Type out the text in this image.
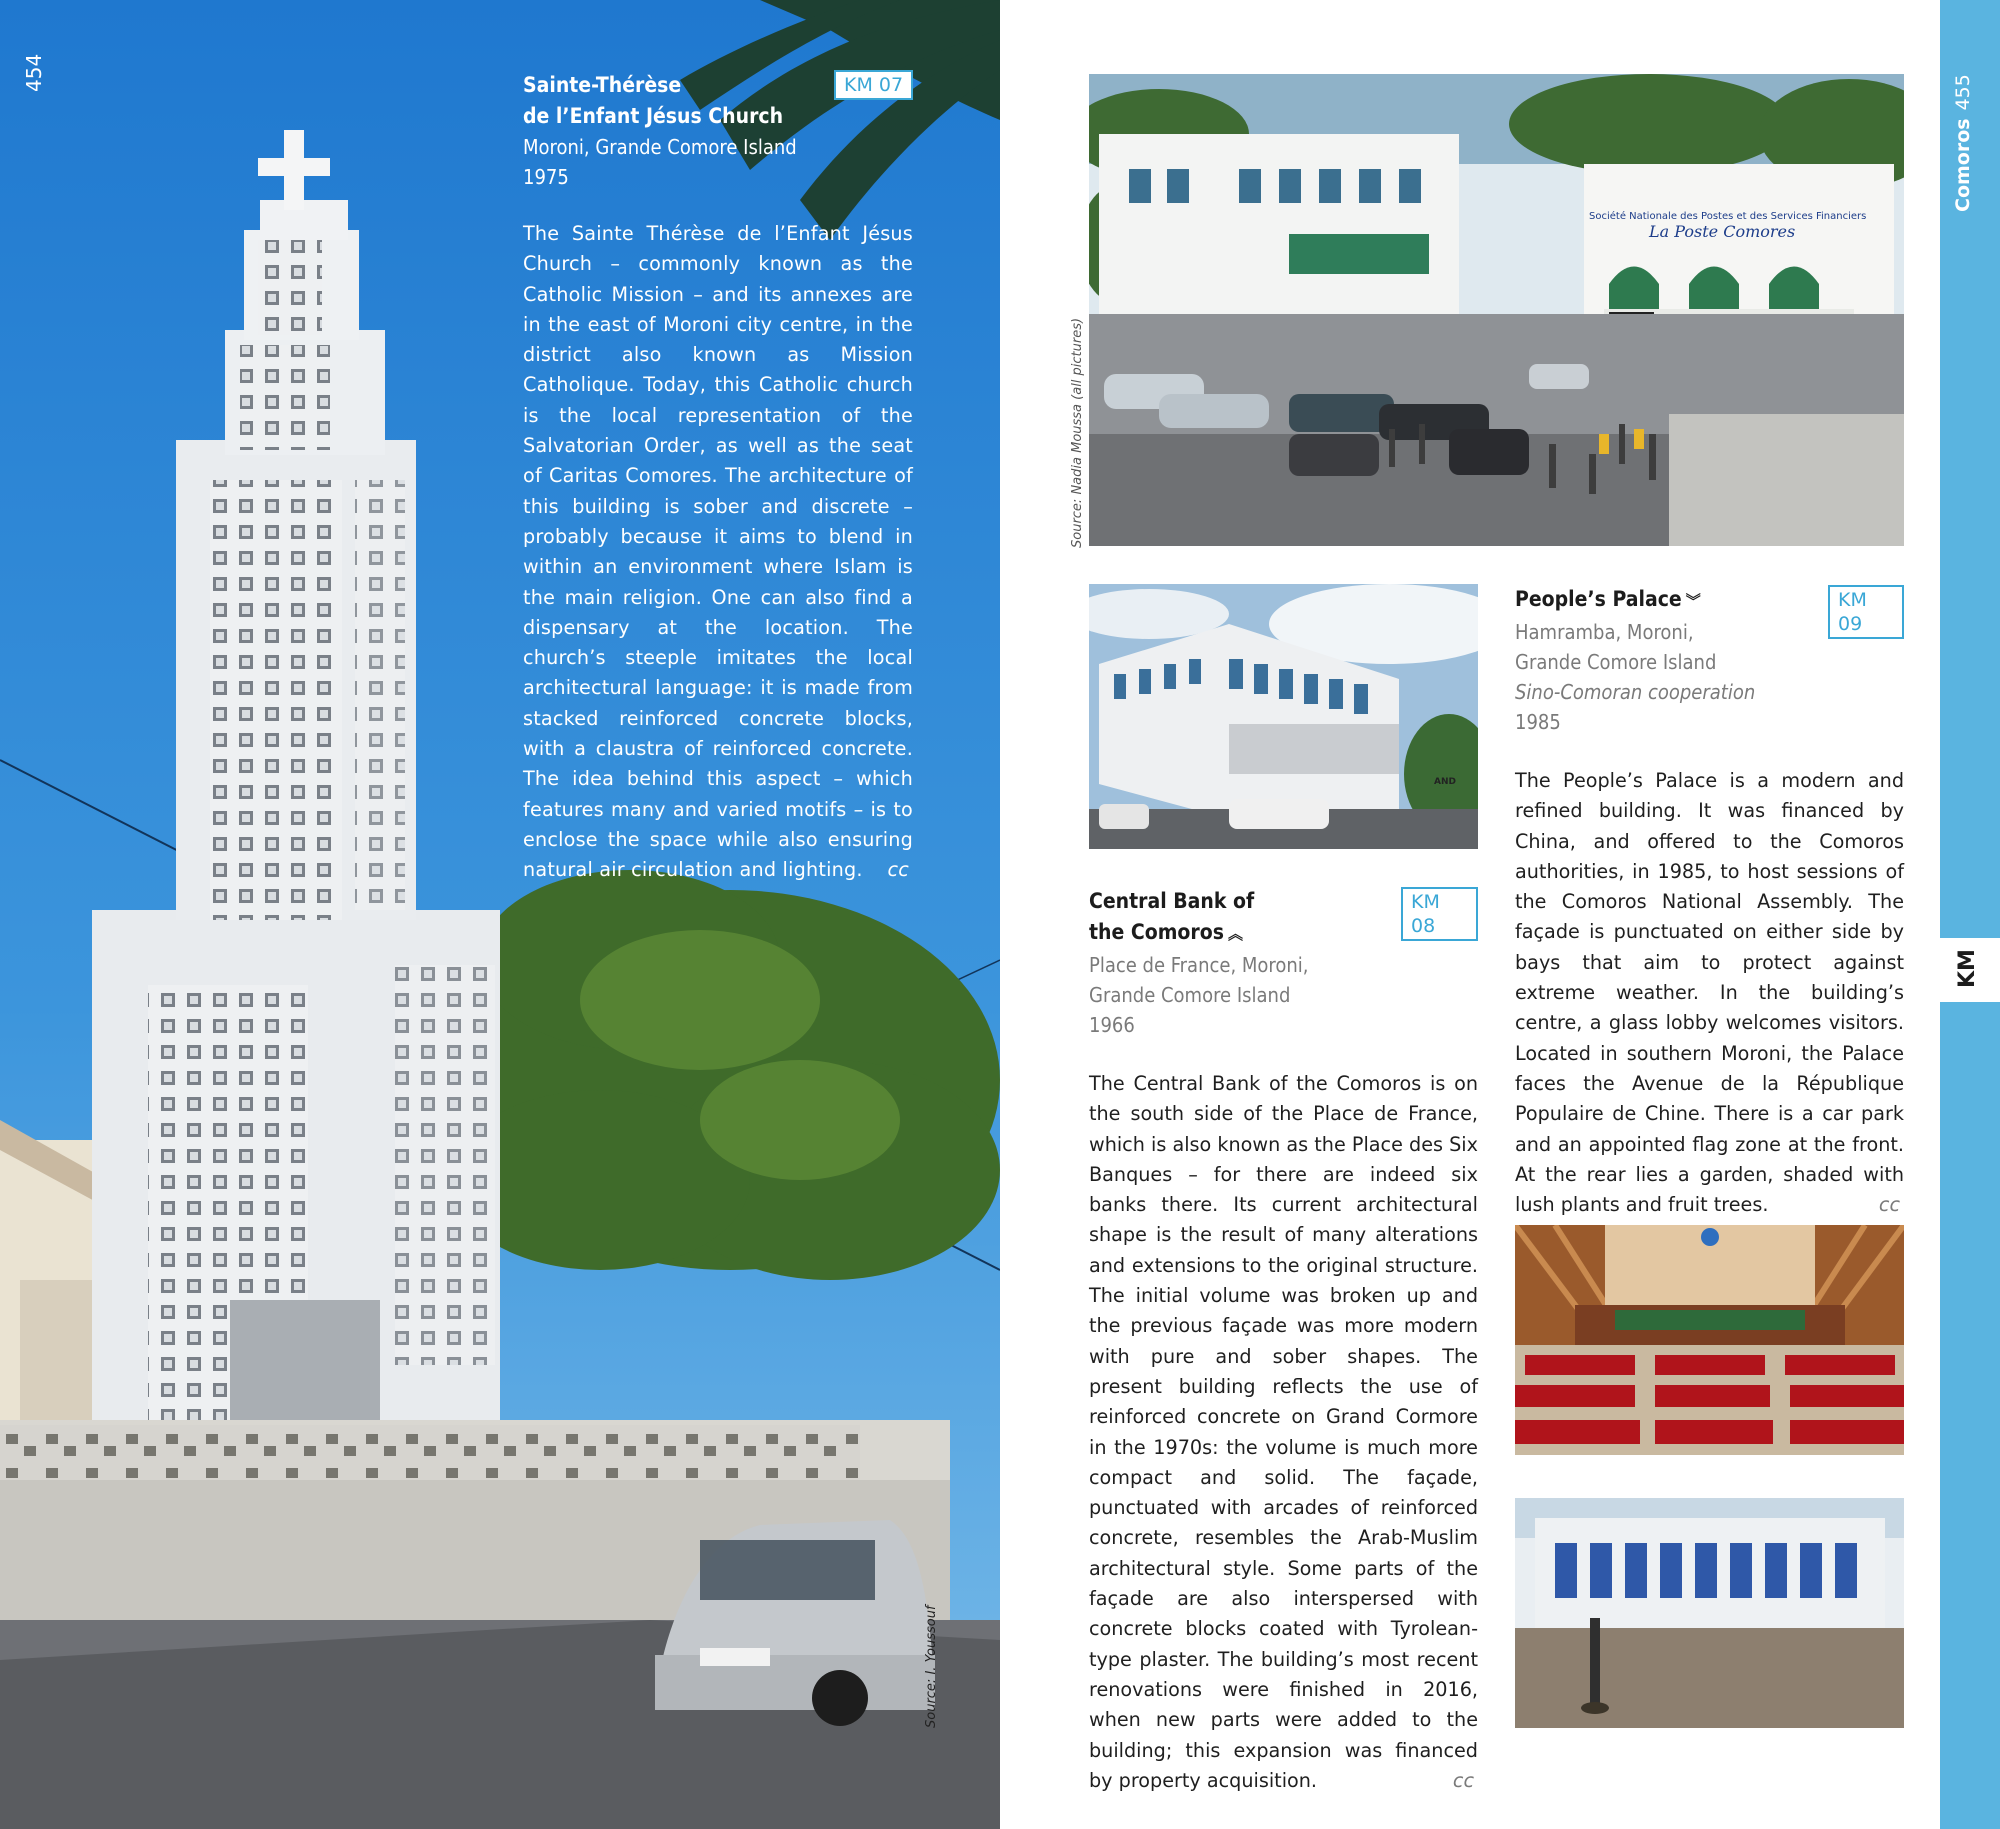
454	KM 07
Sainte-Thérèse
de l’Enfant Jésus Church
Moroni, Grande Comore Island
1975
The Sainte Thérèse de l’Enfant Jésus Church – commonly known as the Catholic Mission – and its annexes are in the east of Moroni city centre, in the district also known as Mission Catholique. Today, this Catholic church is the local representation of the Salvatorian Order, as well as the seat of Caritas Comores. The architecture of this building is sober and discrete – probably because it aims to blend in within an environment where Islam is the main religion. One can also find a dispensary at the location. The church’s steeple imitates the local architectural language: it is made from stacked reinforced concrete blocks, with a claustra of reinforced concrete. The idea behind this aspect – which features many and varied motifs – is to enclose the space while also ensuring natural air circulation and lighting. cc
Source: I. Youssouf
Société Nationale des Postes et des Services Financiers
La Poste Comores
Source: Nadia Moussa (all pictures)
AND
KM 08
Central Bank of
the Comoros ︽
Place de France, Moroni,
Grande Comore Island
1966
The Central Bank of the Comoros is on the south side of the Place de France, which is also known as the Place des Six Banques – for there are indeed six banks there. Its current architectural shape is the result of many alterations and extensions to the original structure. The initial volume was broken up and the previous façade was more modern with pure and sober shapes. The present building reflects the use of reinforced concrete on Grand Cormore in the 1970s: the volume is much more compact and solid. The façade, punctuated with arcades of reinforced concrete, resembles the Arab-Muslim architectural style. Some parts of the façade are also interspersed with concrete blocks coated with Tyrolean-type plaster. The building’s most recent renovations were finished in 2016, when new parts were added to the building; this expansion was financed by property acquisition.	cc
KM 09
People’s Palace ︾
Hamramba, Moroni,
Grande Comore Island
Sino-Comoran cooperation
1985
The People’s Palace is a modern and refined building. It was financed by China, and offered to the Comoros authorities, in 1985, to host sessions of the Comoros National Assembly. The façade is punctuated on either side by bays that aim to protect against extreme weather. In the building’s centre, a glass lobby welcomes visitors. Located in southern Moroni, the Palace faces the Avenue de la République Populaire de Chine. There is a car park and an appointed flag zone at the front. At the rear lies a garden, shaded with lush plants and fruit trees.	cc
Comoros455
KM
